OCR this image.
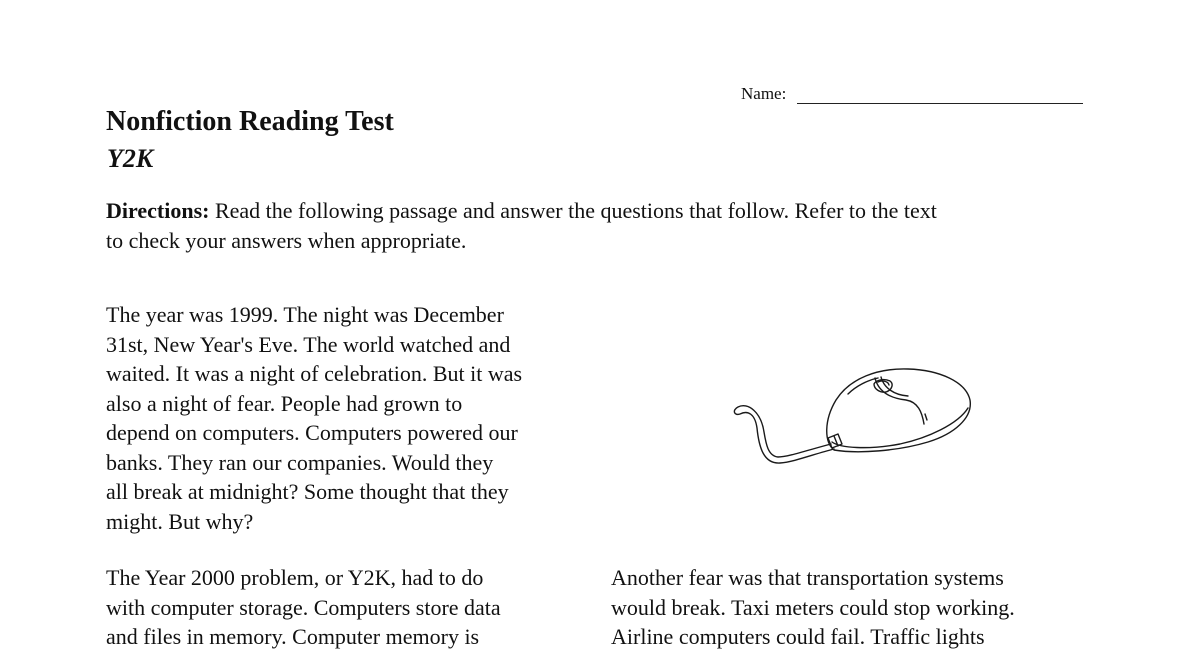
Name:
Nonfiction Reading Test
Y2K
Directions: Read the following passage and answer the questions that follow. Refer to the text
to check your answers when appropriate.
The year was 1999. The night was December
31st, New Year's Eve. The world watched and
waited. It was a night of celebration. But it was
also a night of fear. People had grown to
depend on computers. Computers powered our
banks. They ran our companies. Would they
all break at midnight? Some thought that they
might. But why?
The Year 2000 problem, or Y2K, had to do
with computer storage. Computers store data
and files in memory. Computer memory is
Another fear was that transportation systems
would break. Taxi meters could stop working.
Airline computers could fail. Traffic lights
